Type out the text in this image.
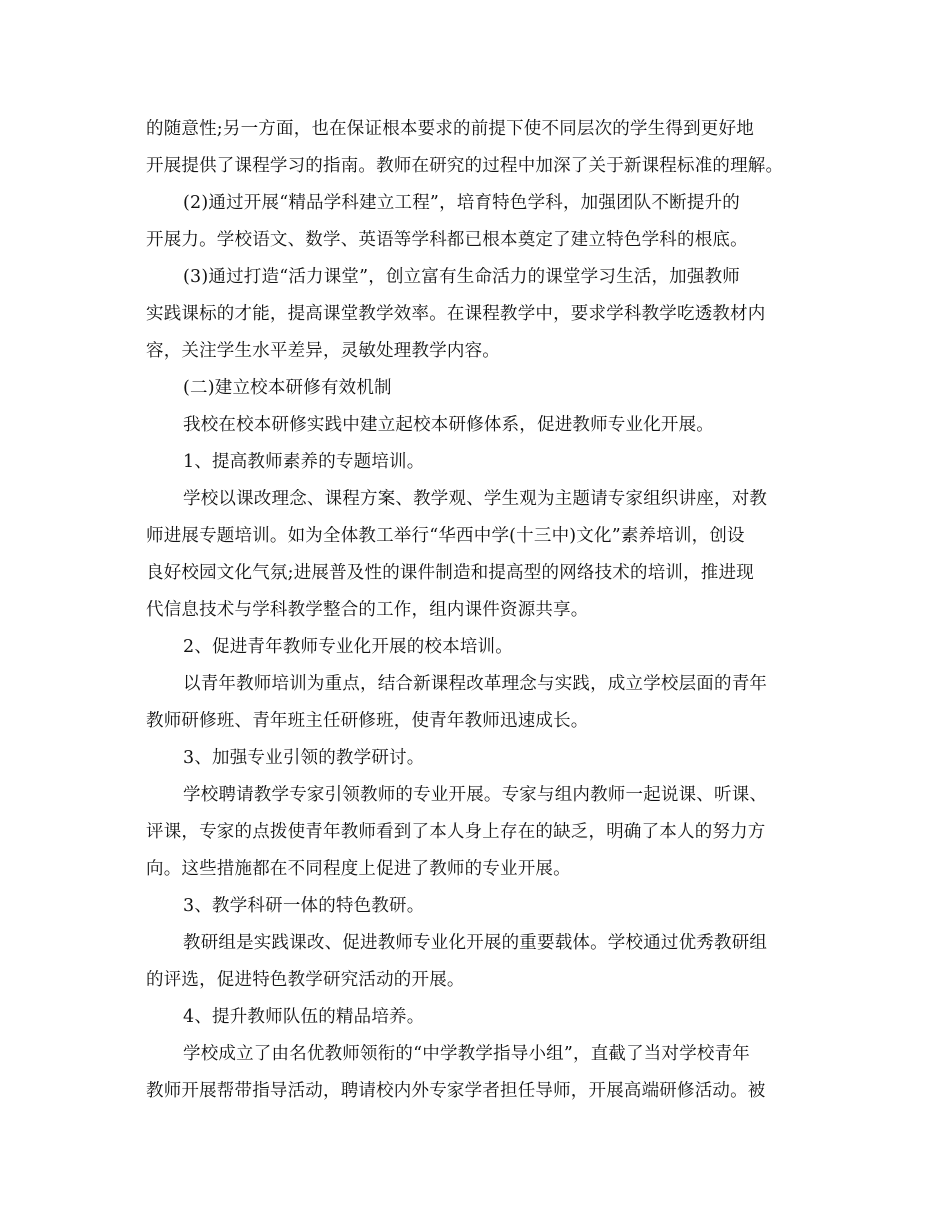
的随意性;另一方面，也在保证根本要求的前提下使不同层次的学生得到更好地
开展提供了课程学习的指南。教师在研究的过程中加深了关于新课程标准的理解。
(2)通过开展“精品学科建立工程”，培育特色学科，加强团队不断提升的
开展力。学校语文、数学、英语等学科都已根本奠定了建立特色学科的根底。
(3)通过打造“活力课堂”，创立富有生命活力的课堂学习生活，加强教师
实践课标的才能，提高课堂教学效率。在课程教学中，要求学科教学吃透教材内
容，关注学生水平差异，灵敏处理教学内容。
(二)建立校本研修有效机制
我校在校本研修实践中建立起校本研修体系，促进教师专业化开展。
1、提高教师素养的专题培训。
学校以课改理念、课程方案、教学观、学生观为主题请专家组织讲座，对教
师进展专题培训。如为全体教工举行“华西中学(十三中)文化”素养培训，创设
良好校园文化气氛;进展普及性的课件制造和提高型的网络技术的培训，推进现
代信息技术与学科教学整合的工作，组内课件资源共享。
2、促进青年教师专业化开展的校本培训。
以青年教师培训为重点，结合新课程改革理念与实践，成立学校层面的青年
教师研修班、青年班主任研修班，使青年教师迅速成长。
3、加强专业引领的教学研讨。
学校聘请教学专家引领教师的专业开展。专家与组内教师一起说课、听课、
评课，专家的点拨使青年教师看到了本人身上存在的缺乏，明确了本人的努力方
向。这些措施都在不同程度上促进了教师的专业开展。
3、教学科研一体的特色教研。
教研组是实践课改、促进教师专业化开展的重要载体。学校通过优秀教研组
的评选，促进特色教学研究活动的开展。
4、提升教师队伍的精品培养。
学校成立了由名优教师领衔的“中学教学指导小组”，直截了当对学校青年
教师开展帮带指导活动，聘请校内外专家学者担任导师，开展高端研修活动。被
